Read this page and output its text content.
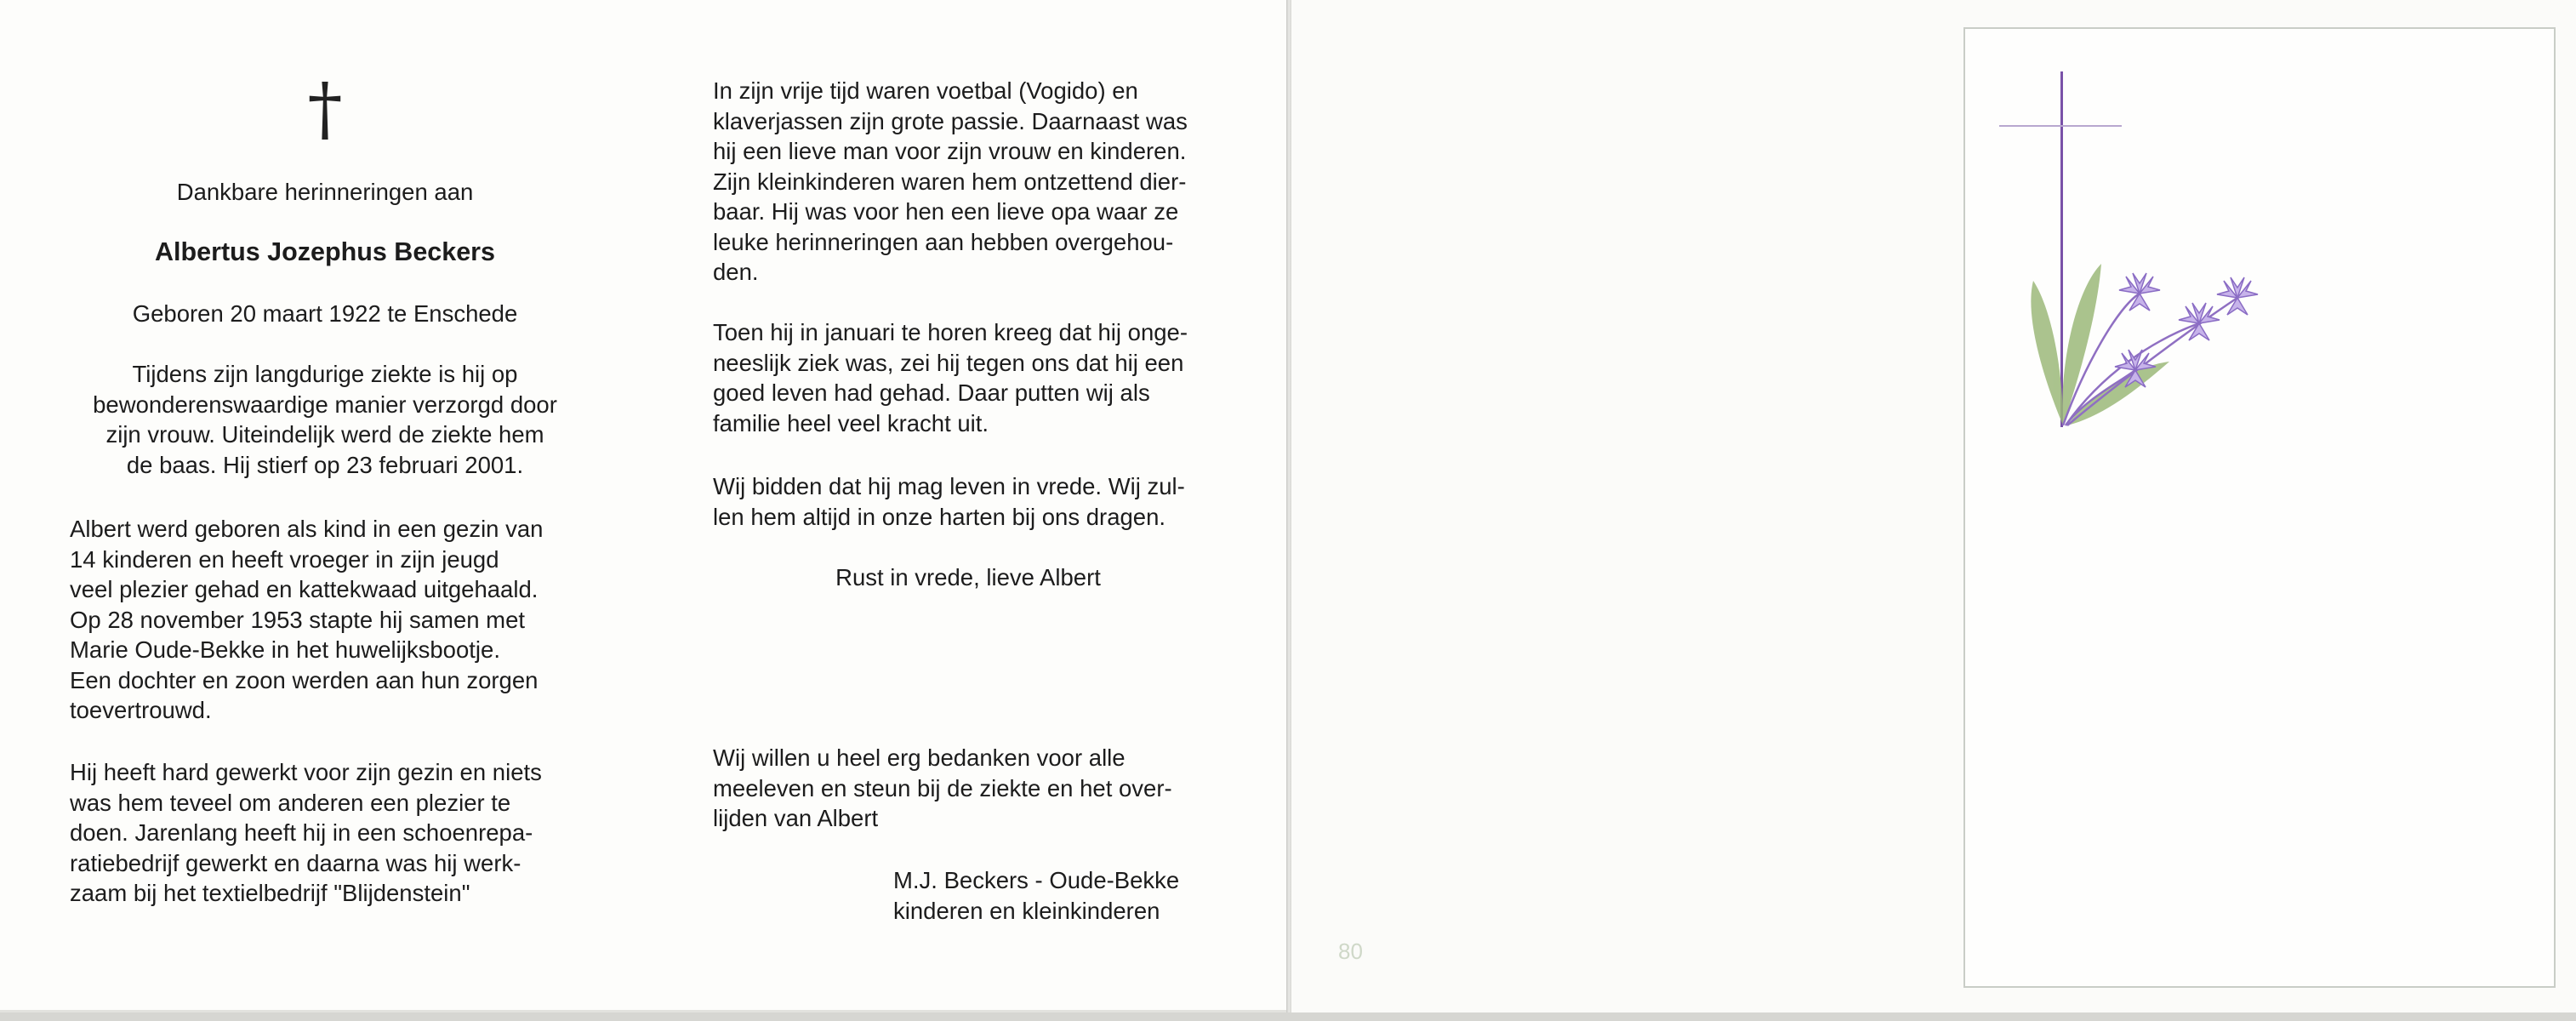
†
Dankbare herinneringen aan
Albertus Jozephus Beckers
Geboren 20 maart 1922 te Enschede
Tijdens zijn langdurige ziekte is hij op
bewonderenswaardige manier verzorgd door
zijn vrouw. Uiteindelijk werd de ziekte hem
de baas. Hij stierf op 23 februari 2001.
Albert werd geboren als kind in een gezin van
14 kinderen en heeft vroeger in zijn jeugd
veel plezier gehad en kattekwaad uitgehaald.
Op 28 november 1953 stapte hij samen met
Marie Oude-Bekke in het huwelijksbootje.
Een dochter en zoon werden aan hun zorgen
toevertrouwd.
Hij heeft hard gewerkt voor zijn gezin en niets
was hem teveel om anderen een plezier te
doen. Jarenlang heeft hij in een schoenrepa-
ratiebedrijf gewerkt en daarna was hij werk-
zaam bij het textielbedrijf "Blijdenstein"
In zijn vrije tijd waren voetbal (Vogido) en
klaverjassen zijn grote passie. Daarnaast was
hij een lieve man voor zijn vrouw en kinderen.
Zijn kleinkinderen waren hem ontzettend dier-
baar. Hij was voor hen een lieve opa waar ze
leuke herinneringen aan hebben overgehou-
den.
Toen hij in januari te horen kreeg dat hij onge-
neeslijk ziek was, zei hij tegen ons dat hij een
goed leven had gehad. Daar putten wij als
familie heel veel kracht uit.
Wij bidden dat hij mag leven in vrede. Wij zul-
len hem altijd in onze harten bij ons dragen.
Rust in vrede, lieve Albert
Wij willen u heel erg bedanken voor alle
meeleven en steun bij de ziekte en het over-
lijden van Albert
M.J. Beckers - Oude-Bekke
kinderen en kleinkinderen
80
